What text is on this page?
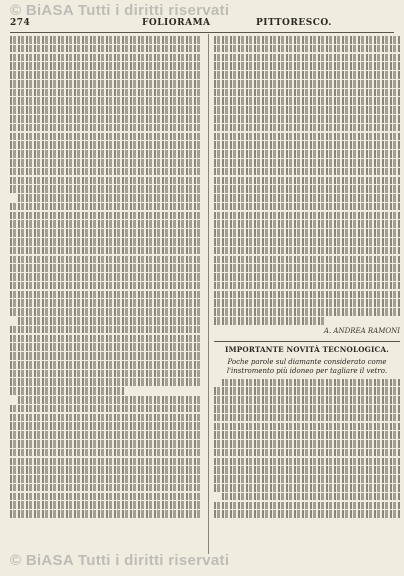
© BiASA Tutti i diritti riservati
274	FOLIORAMA	PITTORESCO.
A. ANDREA RAMONI
IMPORTANTE NOVITÀ TECNOLOGICA.
Poche parole sul diamante considerato come l'instromento più idoneo per tagliare il vetro.
© BiASA Tutti i diritti riservati
